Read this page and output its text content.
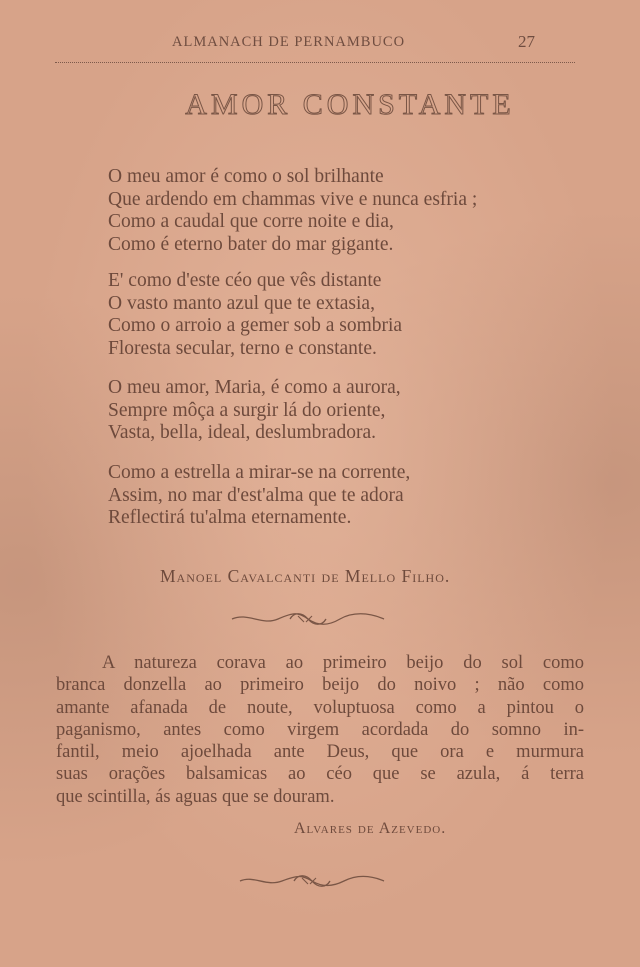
ALMANACH DE PERNAMBUCO	27
AMOR CONSTANTE
O meu amor é como o sol brilhante
Que ardendo em chammas vive e nunca esfria ;
Como a caudal que corre noite e dia,
Como é eterno bater do mar gigante.
E' como d'este céo que vês distante
O vasto manto azul que te extasia,
Como o arroio a gemer sob a sombria
Floresta secular, terno e constante.
O meu amor, Maria, é como a aurora,
Sempre môça a surgir lá do oriente,
Vasta, bella, ideal, deslumbradora.
Como a estrella a mirar-se na corrente,
Assim, no mar d'est'alma que te adora
Reflectirá tu'alma eternamente.
Manoel Cavalcanti de Mello Filho.
A natureza corava ao primeiro beijo do sol como
branca donzella ao primeiro beijo do noivo ; não como
amante afanada de noute, voluptuosa como a pintou o
paganismo, antes como virgem acordada do somno in-
fantil, meio ajoelhada ante Deus, que ora e murmura
suas orações balsamicas ao céo que se azula, á terra
que scintilla, ás aguas que se douram.
Alvares de Azevedo.
